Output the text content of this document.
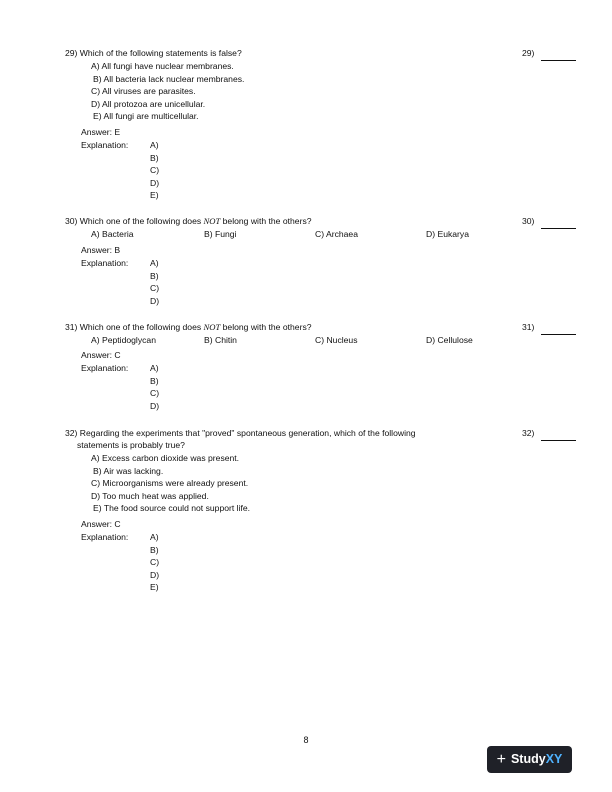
29) Which of the following statements is false?	29)
A) All fungi have nuclear membranes.
B) All bacteria lack nuclear membranes.
C) All viruses are parasites.
D) All protozoa are unicellular.
E) All fungi are multicellular.
Answer: E
Explanation:	A)
B)
C)
D)
E)
30) Which one of the following does NOT belong with the others?	30)
A) Bacteria	B) Fungi	C) Archaea	D) Eukarya
Answer: B
Explanation:	A)
B)
C)
D)
31) Which one of the following does NOT belong with the others?	31)
A) Peptidoglycan	B) Chitin	C) Nucleus	D) Cellulose
Answer: C
Explanation:	A)
B)
C)
D)
32) Regarding the experiments that "proved" spontaneous generation, which of the following
statements is probably true?
32)
A) Excess carbon dioxide was present.
B) Air was lacking.
C) Microorganisms were already present.
D) Too much heat was applied.
E) The food source could not support life.
Answer: C
Explanation:	A)
B)
C)
D)
E)
8
+ Study XY
